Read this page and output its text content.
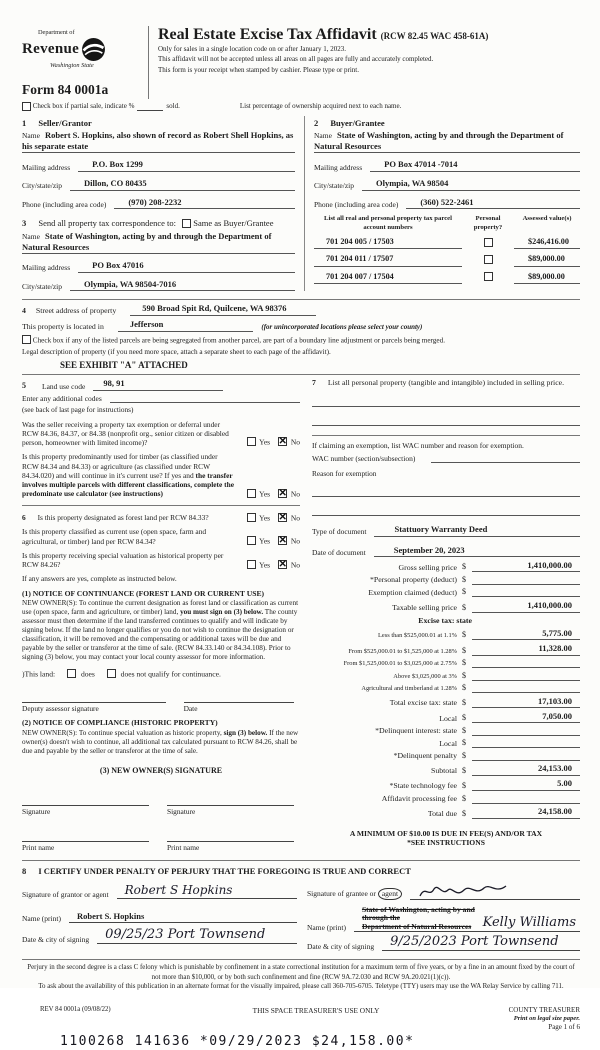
Department of
Revenue
Washington State
Form 84 0001a
Real Estate Excise Tax Affidavit (RCW 82.45 WAC 458-61A)
Only for sales in a single location code on or after January 1, 2023.
This affidavit will not be accepted unless all areas on all pages are fully and accurately completed.
This form is your receipt when stamped by cashier. Please type or print.

Check box if partial sale, indicate %	sold.	List percentage of ownership acquired next to each name.
1 Seller/Grantor
Name Robert S. Hopkins, also shown of record as Robert Shell Hopkins, as his separate estate
Mailing address	P.O. Box 1299
City/state/zip	Dillon, CO 80435
Phone (including area code)	(970) 208-2232
3 Send all property tax correspondence to: Same as Buyer/Grantee
Name State of Washington, acting by and through the Department of Natural Resources
Mailing address	PO Box 47016
City/state/zip	Olympia, WA 98504-7016
2 Buyer/Grantee
Name State of Washington, acting by and through the Department of Natural Resources
Mailing address	PO Box 47014 -7014
City/state/zip	Olympia, WA 98504
Phone (including area code)	(360) 522-2461
List all real and personal property tax parcel account numbers
Personal property?
Assessed value(s)
701 204 005 / 17503	$246,416.00
701 204 011 / 17507	$89,000.00
701 204 007 / 17504	$89,000.00
4 Street address of property	590 Broad Spit Rd, Quilcene, WA 98376
This property is located in	Jefferson	(for unincorporated locations please select your county)
Check box if any of the listed parcels are being segregated from another parcel, are part of a boundary line adjustment or parcels being merged.
Legal description of property (if you need more space, attach a separate sheet to each page of the affidavit).
SEE EXHIBIT "A" ATTACHED
5 Land use code	98, 91
Enter any additional codes
(see back of last page for instructions)
Was the seller receiving a property tax exemption or deferral under RCW 84.36, 84.37, or 84.38 (nonprofit org., senior citizen or disabled person, homeowner with limited income)?	Yes ✕	No
Is this property predominantly used for timber (as classified under RCW 84.34 and 84.33) or agriculture (as classified under RCW 84.34.020) and will continue in it's current use? If yes and the transfer involves multiple parcels with different classifications, complete the predominate use calculator (see instructions)	Yes ✕	No
6 Is this property designated as forest land per RCW 84.33?	Yes ✕	No
Is this property classified as current use (open space, farm and agricultural, or timber) land per RCW 84.34?	Yes ✕	No
Is this property receiving special valuation as historical property per RCW 84.26?	Yes ✕	No
If any answers are yes, complete as instructed below.
(1) NOTICE OF CONTINUANCE (FOREST LAND OR CURRENT USE)
NEW OWNER(S): To continue the current designation as forest land or classification as current use (open space, farm and agriculture, or timber) land, you must sign on (3) below. The county assessor must then determine if the land transferred continues to qualify and will indicate by signing below. If the land no longer qualifies or you do not wish to continue the designation or classification, it will be removed and the compensating or additional taxes will be due and payable by the seller or transferor at the time of sale. (RCW 84.33.140 or 84.34.108). Prior to signing (3) below, you may contact your local county assessor for more information.
)This land:	does	does not qualify for continuance.
Deputy assessor signature	Date
(2) NOTICE OF COMPLIANCE (HISTORIC PROPERTY)
NEW OWNER(S): To continue special valuation as historic property, sign (3) below. If the new owner(s) doesn't wish to continue, all additional tax calculated pursuant to RCW 84.26, shall be due and payable by the seller or transferor at the time of sale.
(3) NEW OWNER(S) SIGNATURE
Signature	Signature
Print name	Print name
7 List all personal property (tangible and intangible) included in selling price.
If claiming an exemption, list WAC number and reason for exemption.
WAC number (section/subsection)
Reason for exemption
Type of document	Stattuory Warranty Deed
Date of document	September 20, 2023
Gross selling price $	1,410,000.00
*Personal property (deduct) $
Exemption claimed (deduct) $
Taxable selling price $	1,410,000.00
Excise tax: state
Less than $525,000.01 at 1.1% $	5,775.00
From $525,000.01 to $1,525,000 at 1.28% $	11,328.00
From $1,525,000.01 to $3,025,000 at 2.75% $
Above $3,025,000 at 3% $
Agricultural and timberland at 1.28% $
Total excise tax: state $	17,103.00
Local $	7,050.00
*Delinquent interest: state $
Local $
*Delinquent penalty $
Subtotal $	24,153.00
*State technology fee $	5.00
Affidavit processing fee $
Total due $	24,158.00
A MINIMUM OF $10.00 IS DUE IN FEE(S) AND/OR TAX
*SEE INSTRUCTIONS
8 I CERTIFY UNDER PENALTY OF PERJURY THAT THE FOREGOING IS TRUE AND CORRECT
Signature of grantor or agent	Robert S Hopkins
Name (print)	Robert S. Hopkins
Date & city of signing	09/25/23 Port Townsend
Signature of grantee or agent
Name (print)
State of Washington, acting by and through the
Department of Natural Resources Kelly Williams
Date & city of signing	9/25/2023 Port Townsend
Perjury in the second degree is a class C felony which is punishable by confinement in a state correctional institution for a maximum term of five years, or by a fine in an amount fixed by the court of not more than $10,000, or by both such confinement and fine (RCW 9A.72.030 and RCW 9A.20.021(1)(c)).
To ask about the availability of this publication in an alternate format for the visually impaired, please call 360-705-6705. Teletype (TTY) users may use the WA Relay Service by calling 711.
REV 84 0001a (09/08/22)	THIS SPACE TREASURER'S USE ONLY	COUNTY TREASURER
Print on legal size paper.
Page 1 of 6
1100268 141636 *09/29/2023 $24,158.00*
